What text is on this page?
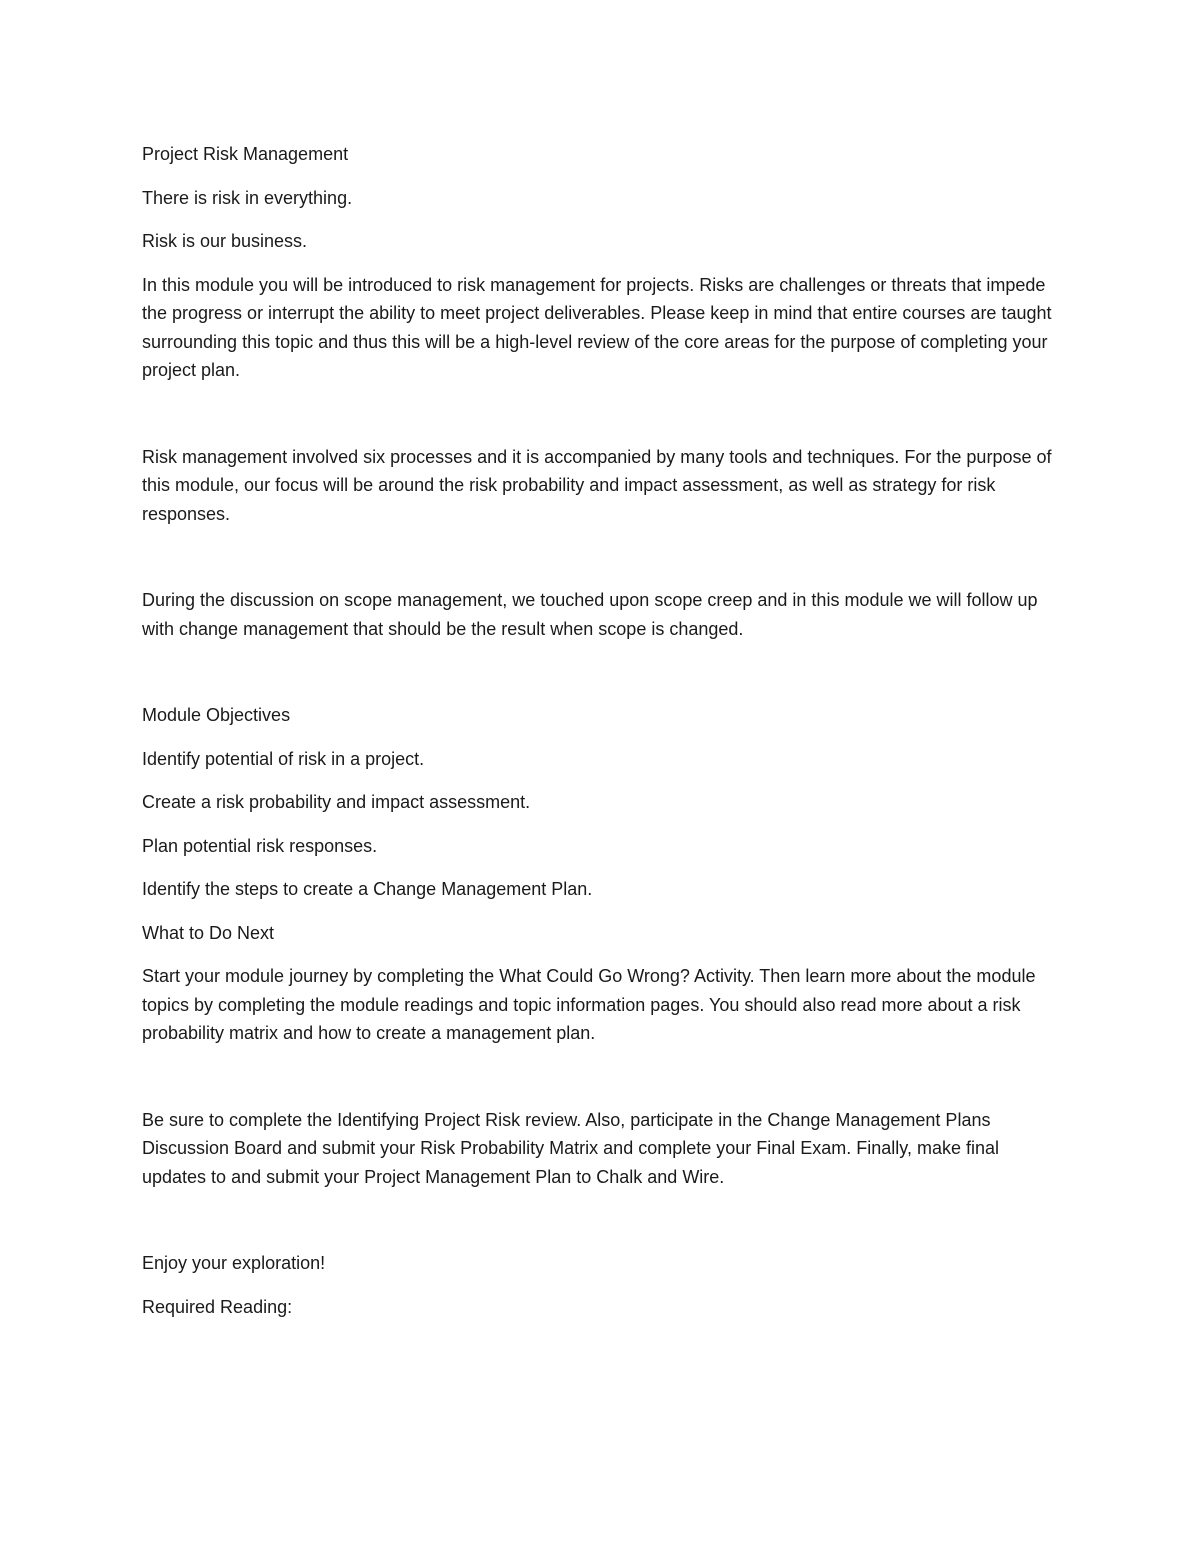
Project Risk Management

There is risk in everything.

Risk is our business.

In this module you will be introduced to risk management for projects. Risks are challenges or threats that impede the progress or interrupt the ability to meet project deliverables. Please keep in mind that entire courses are taught surrounding this topic and thus this will be a high-level review of the core areas for the purpose of completing your project plan.

Risk management involved six processes and it is accompanied by many tools and techniques. For the purpose of this module, our focus will be around the risk probability and impact assessment, as well as strategy for risk responses.

During the discussion on scope management, we touched upon scope creep and in this module we will follow up with change management that should be the result when scope is changed.

Module Objectives

Identify potential of risk in a project.

Create a risk probability and impact assessment.

Plan potential risk responses.

Identify the steps to create a Change Management Plan.

What to Do Next

Start your module journey by completing the What Could Go Wrong? Activity. Then learn more about the module topics by completing the module readings and topic information pages. You should also read more about a risk probability matrix and how to create a management plan.

Be sure to complete the Identifying Project Risk review. Also, participate in the Change Management Plans Discussion Board and submit your Risk Probability Matrix and complete your Final Exam. Finally, make final updates to and submit your Project Management Plan to Chalk and Wire.

Enjoy your exploration!

Required Reading:
